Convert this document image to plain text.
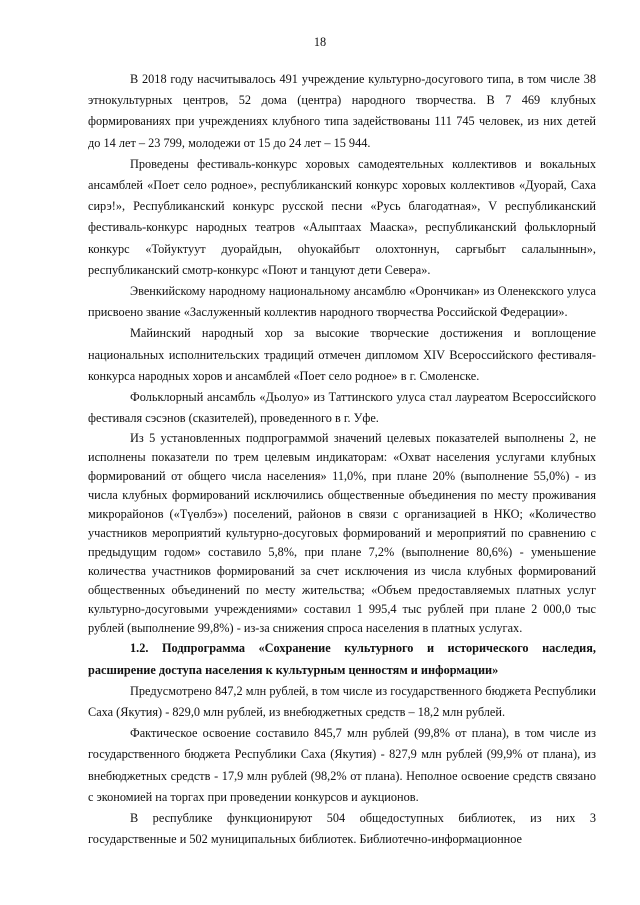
18

В 2018 году насчитывалось 491 учреждение культурно-досугового типа, в том числе 38 этнокультурных центров, 52 дома (центра) народного творчества. В 7 469 клубных формированиях при учреждениях клубного типа задействованы 111 745 человек, из них детей до 14 лет – 23 799, молодежи от 15 до 24 лет – 15 944.

Проведены фестиваль-конкурс хоровых самодеятельных коллективов и вокальных ансамблей «Поет село родное», республиканский конкурс хоровых коллективов «Дуорай, Саха сирэ!», Республиканский конкурс русской песни «Русь благодатная», V республиканский фестиваль-конкурс народных театров «Алыптаах Мааска», республиканский фольклорный конкурс «Тойуктуут дуорайдын, оһуокайбыт олохтоннун, сарғыбыт салалыннын», республиканский смотр-конкурс «Поют и танцуют дети Севера».

Эвенкийскому народному национальному ансамблю «Орончикан» из Оленекского улуса присвоено звание «Заслуженный коллектив народного творчества Российской Федерации».

Майинский народный хор за высокие творческие достижения и воплощение национальных исполнительских традиций отмечен дипломом XIV Всероссийского фестиваля-конкурса народных хоров и ансамблей «Поет село родное» в г. Смоленске.

Фольклорный ансамбль «Дьолуо» из Таттинского улуса стал лауреатом Всероссийского фестиваля сэсэнов (сказителей), проведенного в г. Уфе.

Из 5 установленных подпрограммой значений целевых показателей выполнены 2, не исполнены показатели по трем целевым индикаторам: «Охват населения услугами клубных формирований от общего числа населения» 11,0%, при плане 20% (выполнение 55,0%) - из числа клубных формирований исключились общественные объединения по месту проживания микрорайонов («Түөлбэ») поселений, районов в связи с организацией в НКО; «Количество участников мероприятий культурно-досуговых формирований и мероприятий по сравнению с предыдущим годом» составило 5,8%, при плане 7,2% (выполнение 80,6%) - уменьшение количества участников формирований за счет исключения из числа клубных формирований общественных объединений по месту жительства; «Объем предоставляемых платных услуг культурно-досуговыми учреждениями» составил 1 995,4 тыс рублей при плане 2 000,0 тыс рублей (выполнение 99,8%) - из-за снижения спроса населения в платных услугах.

1.2. Подпрограмма «Сохранение культурного и исторического наследия, расширение доступа населения к культурным ценностям и информации»

Предусмотрено 847,2 млн рублей, в том числе из государственного бюджета Республики Саха (Якутия) - 829,0 млн рублей, из внебюджетных средств – 18,2 млн рублей.

Фактическое освоение составило 845,7 млн рублей (99,8% от плана), в том числе из государственного бюджета Республики Саха (Якутия) - 827,9 млн рублей (99,9% от плана), из внебюджетных средств - 17,9 млн рублей (98,2% от плана). Неполное освоение средств связано с экономией на торгах при проведении конкурсов и аукционов.

В республике функционируют 504 общедоступных библиотек, из них 3 государственные и 502 муниципальных библиотек. Библиотечно-информационное
